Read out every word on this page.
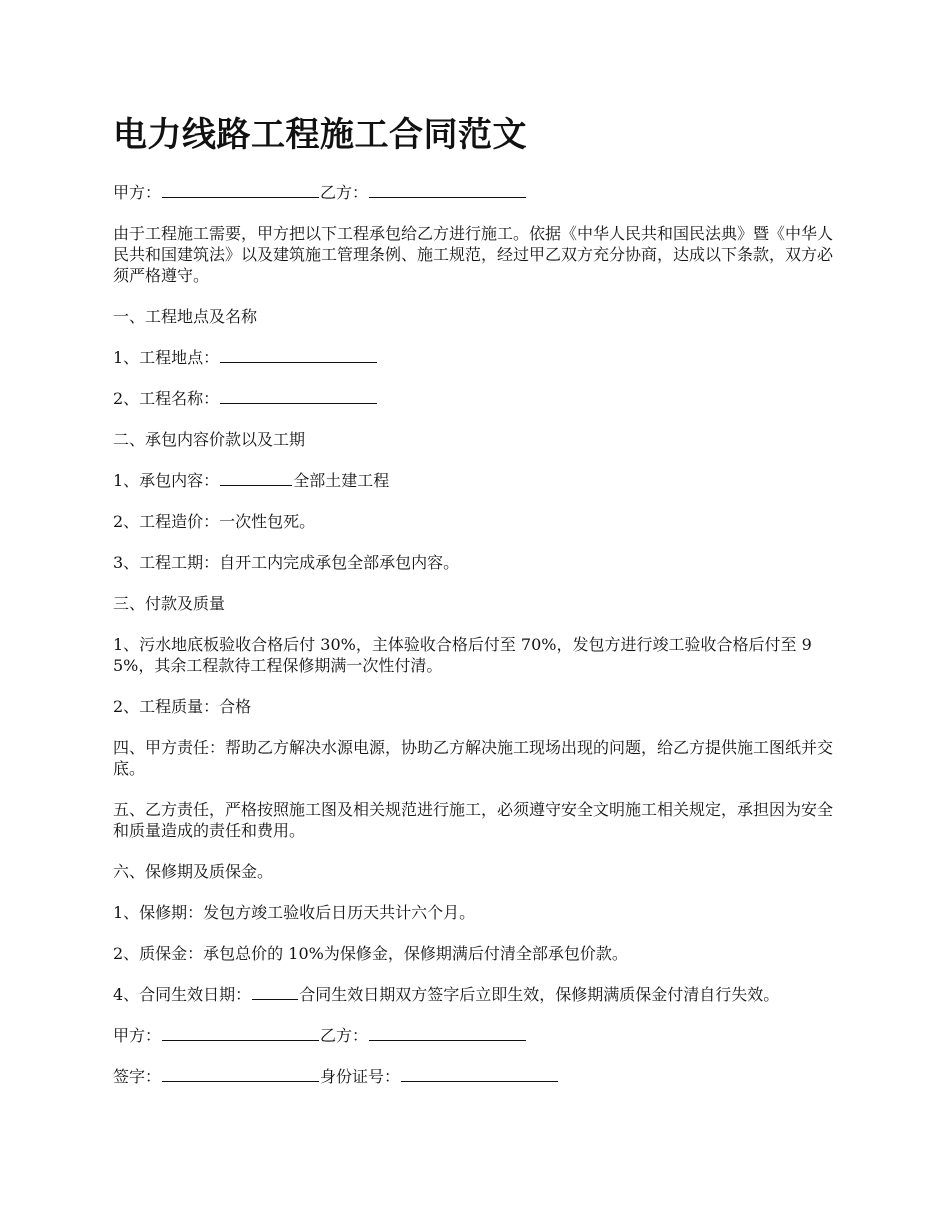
电力线路工程施工合同范文
甲方：	乙方：
由于工程施工需要，甲方把以下工程承包给乙方进行施工。依据《中华人民共和国民法典》暨《中华人民共和国建筑法》以及建筑施工管理条例、施工规范，经过甲乙双方充分协商，达成以下条款，双方必须严格遵守。
一、工程地点及名称
1、工程地点：
2、工程名称：
二、承包内容价款以及工期
1、承包内容：	全部土建工程
2、工程造价：一次性包死。
3、工程工期：自开工内完成承包全部承包内容。
三、付款及质量
1、污水地底板验收合格后付 30%，主体验收合格后付至 70%，发包方进行竣工验收合格后付至 95%，其余工程款待工程保修期满一次性付清。
2、工程质量：合格
四、甲方责任：帮助乙方解决水源电源，协助乙方解决施工现场出现的问题，给乙方提供施工图纸并交底。
五、乙方责任，严格按照施工图及相关规范进行施工，必须遵守安全文明施工相关规定，承担因为安全和质量造成的责任和费用。
六、保修期及质保金。
1、保修期：发包方竣工验收后日历天共计六个月。
2、质保金：承包总价的 10%为保修金，保修期满后付清全部承包价款。
4、合同生效日期：	合同生效日期双方签字后立即生效，保修期满质保金付清自行失效。
甲方：	乙方：
签字：	身份证号：
